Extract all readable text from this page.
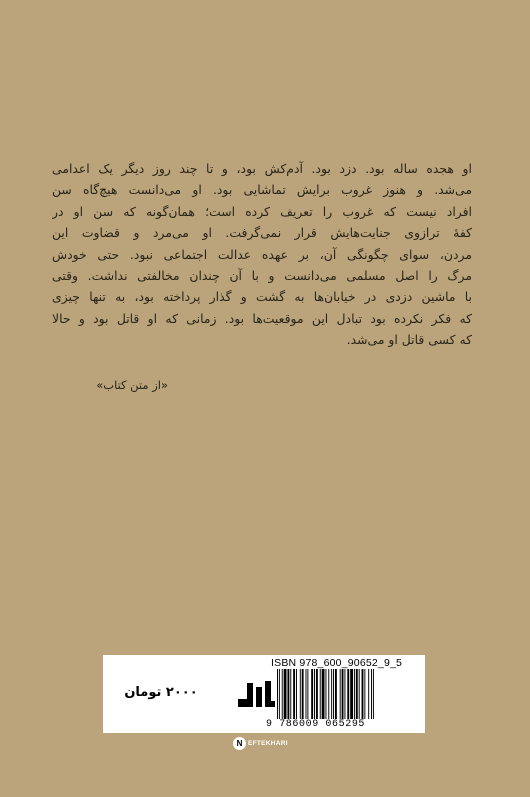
او هجده ساله بود. دزد بود. آدم‌کش بود، و تا چند روز دیگر یک اعدامی
می‌شد. و هنوز غروب برایش تماشایی بود. او می‌دانست هیچ‌گاه سن
افراد نیست که غروب را تعریف کرده است؛ همان‌گونه که سن او در
کفهٔ ترازوی جنایت‌هایش قرار نمی‌گرفت. او می‌مرد و قضاوت این
مردن، سوای چگونگی آن، بر عهده عدالت اجتماعی نبود. حتی خودش
مرگ را اصل مسلمی می‌دانست و با آن چندان مخالفتی نداشت. وقتی
با ماشین دزدی در خیابان‌ها به گشت و گذار پرداخته بود، به تنها چیزی
که فکر نکرده بود تبادل این موقعیت‌ها بود. زمانی که او قاتل بود و حالا
که کسی قاتل او می‌شد.
«از متن کتاب»
۲۰۰۰ تومان
ISBN 978_600_90652_9_5
9 786009 065295
N EFTEKHARI
